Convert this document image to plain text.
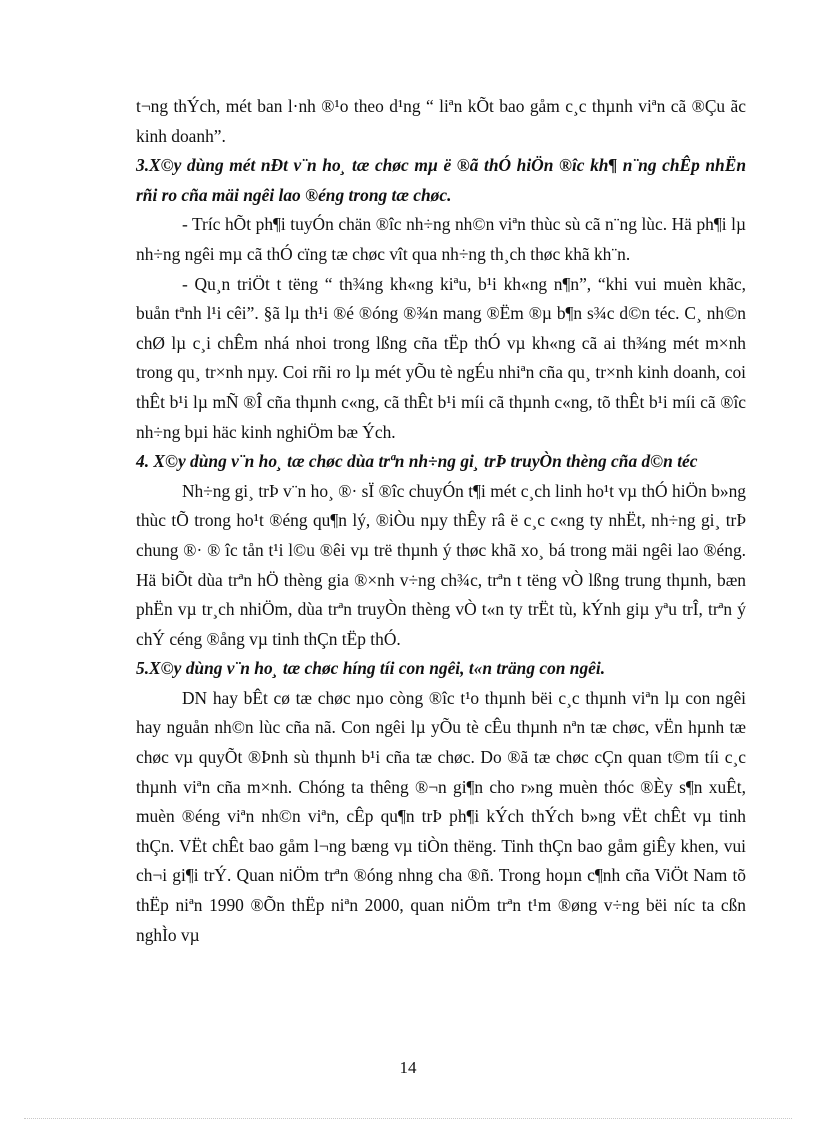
t¬ng thÝch, mét ban l·nh ®¹o theo d¹ng “ liªn kÕt bao gåm c¸c thµnh viªn cã ®Çu ãc kinh doanh”.

3.X©y dùng mét nÐt v¨n ho¸ tæ chøc mµ ë ®ã thÓ hiÖn ®îc kh¶ n¨ng chÊp nhËn rñi ro cña mäi ngêi lao ®éng trong tæ chøc.

- Tríc hÕt ph¶i tuyÓn chän ®îc nh÷ng nh©n viªn thùc sù cã n¨ng lùc. Hä ph¶i lµ nh÷ng ngêi mµ cã thÓ cïng tæ chøc vît qua nh÷ng th¸ch thøc khã kh¨n.

- Qu¸n triÖt t tëng “ th¾ng kh«ng kiªu, b¹i kh«ng n¶n”, “khi vui muèn khãc, buån tªnh l¹i cêi”. §ã lµ th¹i ®é ®óng ®¾n mang ®Ëm ®µ b¶n s¾c d©n téc. C¸ nh©n chØ lµ c¸i chÊm nhá nhoi trong lßng cña tËp thÓ vµ kh«ng cã ai th¾ng mét m×nh trong qu¸ tr×nh nµy. Coi rñi ro lµ mét yÕu tè ngÉu nhiªn cña qu¸ tr×nh kinh doanh, coi thÊt b¹i lµ mÑ ®Î cña thµnh c«ng, cã thÊt b¹i míi cã thµnh c«ng, tõ thÊt b¹i míi cã ®îc nh÷ng bµi häc kinh nghiÖm bæ Ých.

4. X©y dùng v¨n ho¸ tæ chøc dùa trªn nh÷ng gi¸ trÞ truyÒn thèng cña d©n téc

Nh÷ng gi¸ trÞ v¨n ho¸ ®· sÏ ®îc chuyÓn t¶i mét c¸ch linh ho¹t vµ thÓ hiÖn b»ng thùc tÕ trong ho¹t ®éng qu¶n lý, ®iÒu nµy thÊy râ ë c¸c c«ng ty nhËt, nh÷ng gi¸ trÞ chung ®· ® îc tån t¹i l©u ®êi vµ trë thµnh ý thøc khã xo¸ bá trong mäi ngêi lao ®éng. Hä biÕt dùa trªn hÖ thèng gia ®×nh v÷ng ch¾c, trªn t tëng vÒ lßng trung thµnh, bæn phËn vµ tr¸ch nhiÖm, dùa trªn truyÒn thèng vÒ t«n ty trËt tù, kÝnh giµ yªu trÎ, trªn ý chÝ céng ®ång vµ tinh thÇn tËp thÓ.

5.X©y dùng v¨n ho¸ tæ chøc híng tíi con ngêi, t«n träng con ngêi.

DN hay bÊt cø tæ chøc nµo còng ®îc t¹o thµnh bëi c¸c thµnh viªn lµ con ngêi hay nguån nh©n lùc cña nã. Con ngêi lµ yÕu tè cÊu thµnh nªn tæ chøc, vËn hµnh tæ chøc vµ quyÕt ®Þnh sù thµnh b¹i cña tæ chøc. Do ®ã tæ chøc cÇn quan t©m tíi c¸c thµnh viªn cña m×nh. Chóng ta thêng ®¬n gi¶n cho r»ng muèn thóc ®Èy s¶n xuÊt, muèn ®éng viªn nh©n viªn, cÊp qu¶n trÞ ph¶i kÝch thÝch b»ng vËt chÊt vµ tinh thÇn. VËt chÊt bao gåm l¬ng bæng vµ tiÒn thëng. Tinh thÇn bao gåm giÊy khen, vui ch¬i gi¶i trÝ. Quan niÖm trªn ®óng nhng cha ®ñ. Trong hoµn c¶nh cña ViÖt Nam tõ thËp niªn 1990 ®Õn thËp niªn 2000, quan niÖm trªn t¹m ®øng v÷ng bëi níc ta cßn nghÌo vµ

14
